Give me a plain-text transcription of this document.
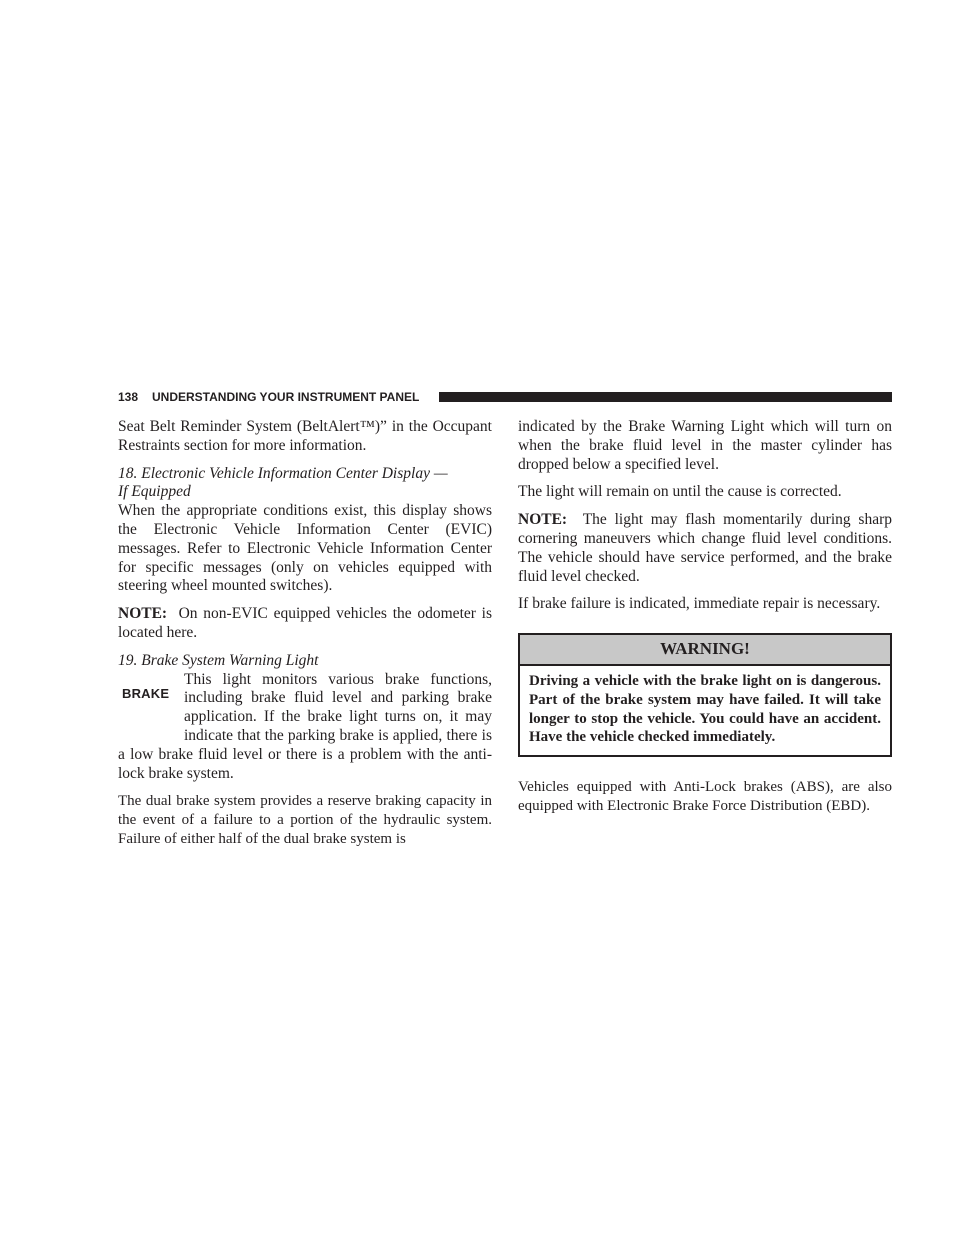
138 UNDERSTANDING YOUR INSTRUMENT PANEL

Seat Belt Reminder System (BeltAlert™)” in the Occupant Restraints section for more information.

18. Electronic Vehicle Information Center Display —
If Equipped

When the appropriate conditions exist, this display shows the Electronic Vehicle Information Center (EVIC) messages. Refer to Electronic Vehicle Information Center for specific messages (only on vehicles equipped with steering wheel mounted switches).

NOTE: On non-EVIC equipped vehicles the odometer is located here.

19. Brake System Warning Light
BRAKE

This light monitors various brake functions, including brake fluid level and parking brake application. If the brake light turns on, it may indicate that the parking brake is applied, there is a low brake fluid level or there is a problem with the anti-lock brake system.

The dual brake system provides a reserve braking capacity in the event of a failure to a portion of the hydraulic system. Failure of either half of the dual brake system is

indicated by the Brake Warning Light which will turn on when the brake fluid level in the master cylinder has dropped below a specified level.

The light will remain on until the cause is corrected.

NOTE: The light may flash momentarily during sharp cornering maneuvers which change fluid level conditions. The vehicle should have service performed, and the brake fluid level checked.

If brake failure is indicated, immediate repair is necessary.

WARNING!
Driving a vehicle with the brake light on is dangerous. Part of the brake system may have failed. It will take longer to stop the vehicle. You could have an accident. Have the vehicle checked immediately.

Vehicles equipped with Anti-Lock brakes (ABS), are also equipped with Electronic Brake Force Distribution (EBD).
